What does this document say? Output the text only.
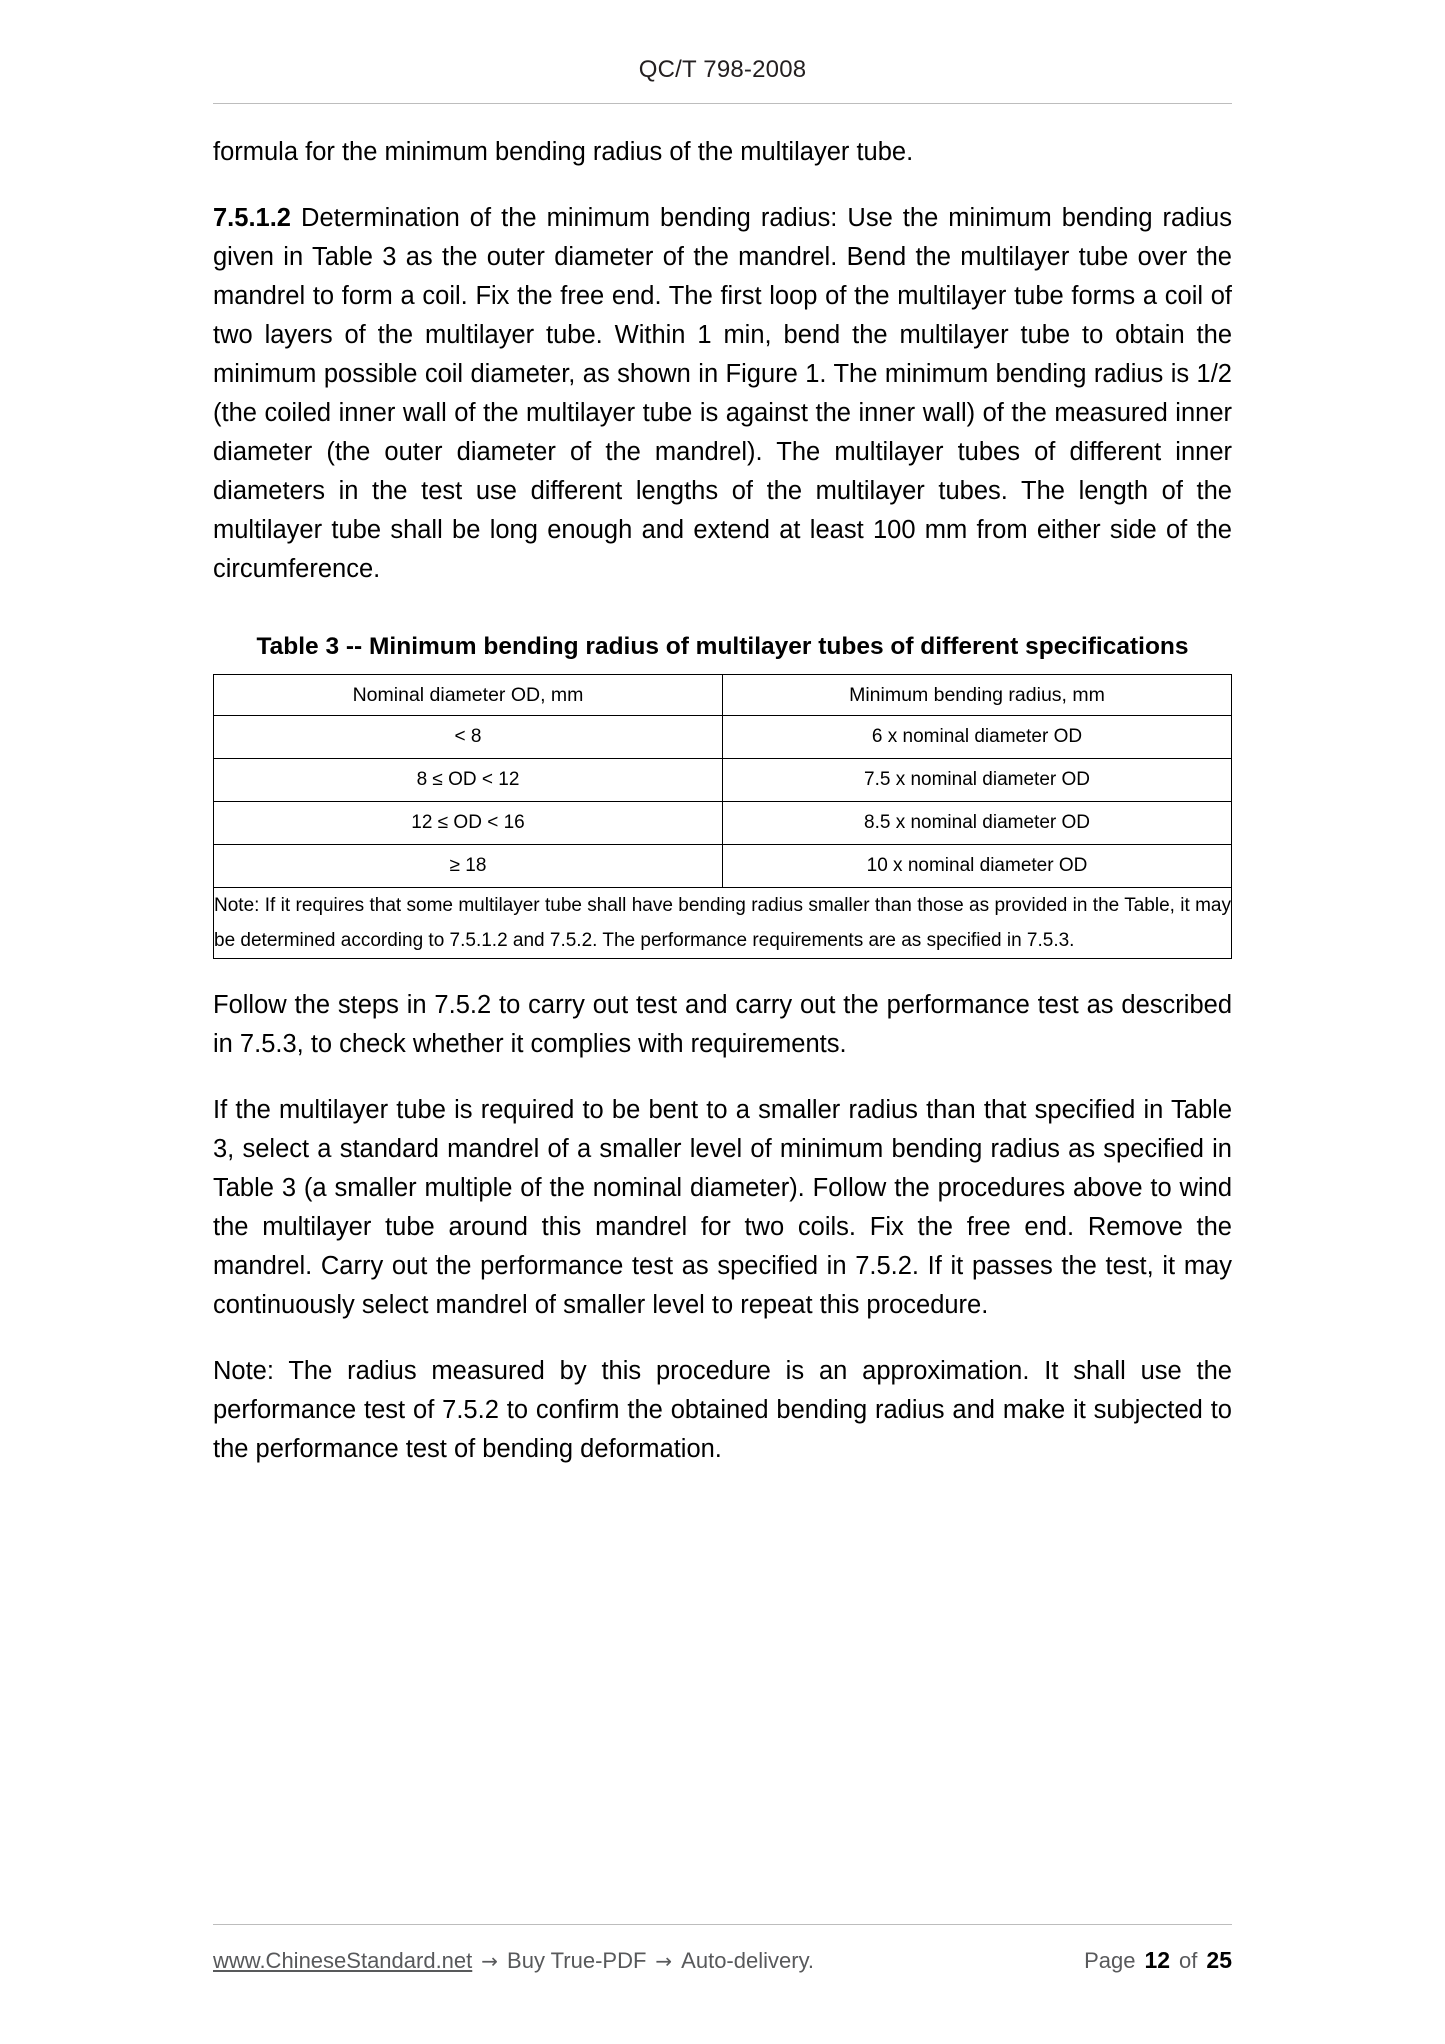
QC/T 798-2008

formula for the minimum bending radius of the multilayer tube.

7.5.1.2 Determination of the minimum bending radius: Use the minimum bending radius given in Table 3 as the outer diameter of the mandrel. Bend the multilayer tube over the mandrel to form a coil. Fix the free end. The first loop of the multilayer tube forms a coil of two layers of the multilayer tube. Within 1 min, bend the multilayer tube to obtain the minimum possible coil diameter, as shown in Figure 1. The minimum bending radius is 1/2 (the coiled inner wall of the multilayer tube is against the inner wall) of the measured inner diameter (the outer diameter of the mandrel). The multilayer tubes of different inner diameters in the test use different lengths of the multilayer tubes. The length of the multilayer tube shall be long enough and extend at least 100 mm from either side of the circumference.

Table 3 -- Minimum bending radius of multilayer tubes of different specifications
Nominal diameter OD, mm	Minimum bending radius, mm
< 8	6 x nominal diameter OD
8 ≤ OD < 12	7.5 x nominal diameter OD
12 ≤ OD < 16	8.5 x nominal diameter OD
≥ 18	10 x nominal diameter OD

Note: If it requires that some multilayer tube shall have bending radius smaller than those as provided in the Table, it may be determined according to 7.5.1.2 and 7.5.2. The performance requirements are as specified in 7.5.3.	

Follow the steps in 7.5.2 to carry out test and carry out the performance test as described in 7.5.3, to check whether it complies with requirements.

If the multilayer tube is required to be bent to a smaller radius than that specified in Table 3, select a standard mandrel of a smaller level of minimum bending radius as specified in Table 3 (a smaller multiple of the nominal diameter). Follow the procedures above to wind the multilayer tube around this mandrel for two coils. Fix the free end. Remove the mandrel. Carry out the performance test as specified in 7.5.2. If it passes the test, it may continuously select mandrel of smaller level to repeat this procedure.

Note: The radius measured by this procedure is an approximation. It shall use the performance test of 7.5.2 to confirm the obtained bending radius and make it subjected to the performance test of bending deformation.

www.ChineseStandard.net → Buy True-PDF → Auto-delivery.	Page 12 of 25
